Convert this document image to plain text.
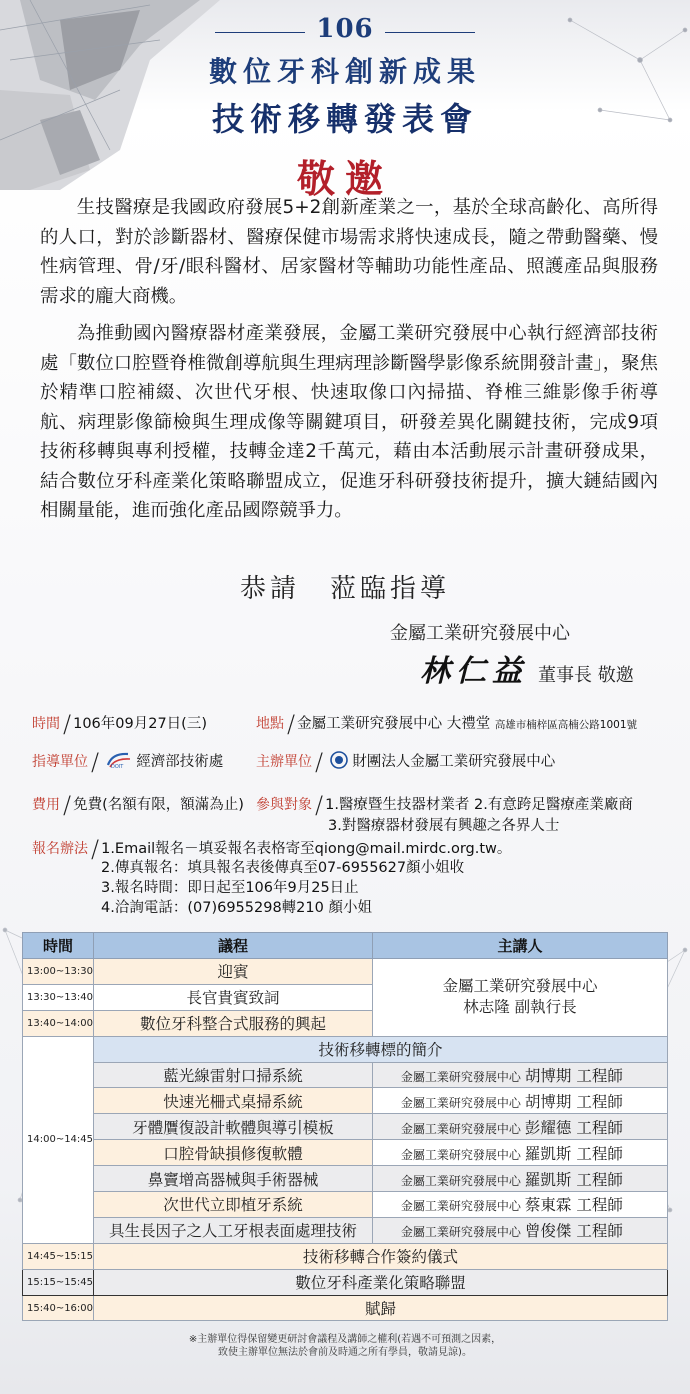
106
數位牙科創新成果
技術移轉發表會
敬邀

生技醫療是我國政府發展5+2創新產業之一，基於全球高齡化、高所得的人口，對於診斷器材、醫療保健市場需求將快速成長，隨之帶動醫藥、慢性病管理、骨/牙/眼科醫材、居家醫材等輔助功能性產品、照護產品與服務需求的龐大商機。

為推動國內醫療器材產業發展，金屬工業研究發展中心執行經濟部技術處「數位口腔暨脊椎微創導航與生理病理診斷醫學影像系統開發計畫」，聚焦於精準口腔補綴、次世代牙根、快速取像口內掃描、脊椎三維影像手術導航、病理影像篩檢與生理成像等關鍵項目，研發差異化關鍵技術，完成9項技術移轉與專利授權，技轉金達2千萬元，藉由本活動展示計畫研發成果，結合數位牙科產業化策略聯盟成立，促進牙科研發技術提升，擴大鏈結國內相關量能，進而強化產品國際競爭力。

恭請　蒞臨指導
金屬工業研究發展中心
林仁益 董事長 敬邀
時間 / 106年09月27日(三)	地點 / 金屬工業研究發展中心 大禮堂 高雄市楠梓區高楠公路1001號
指導單位 / DOIT 經濟部技術處 主辦單位 / 財團法人金屬工業研究發展中心
費用 / 免費(名額有限，額滿為止) 參與對象 / 1.醫療暨生技器材業者 2.有意跨足醫療產業廠商
3.對醫療器材發展有興趣之各界人士
報名辦法 / 1.Email報名－填妥報名表格寄至qiong@mail.mirdc.org.tw。
2.傳真報名：填具報名表後傳真至07-6955627顏小姐收
3.報名時間：即日起至106年9月25日止
4.洽詢電話：(07)6955298轉210 顏小姐
時間	議程	主講人
13:00~13:30	迎賓	金屬工業研究發展中心
林志隆 副執行長

13:30~13:40	長官貴賓致詞	
13:40~14:00	數位牙科整合式服務的興起	
14:00~14:45	技術移轉標的簡介	
	藍光線雷射口掃系統	金屬工業研究發展中心 胡博期 工程師
	快速光柵式桌掃系統	金屬工業研究發展中心 胡博期 工程師
	牙體贋復設計軟體與導引模板	金屬工業研究發展中心 彭耀德 工程師
	口腔骨缺損修復軟體	金屬工業研究發展中心 羅凱斯 工程師
	鼻竇增高器械與手術器械	金屬工業研究發展中心 羅凱斯 工程師
	次世代立即植牙系統	金屬工業研究發展中心 蔡東霖 工程師
	具生長因子之人工牙根表面處理技術	金屬工業研究發展中心 曾俊傑 工程師
14:45~15:15	技術移轉合作簽約儀式	
15:15~15:45	數位牙科產業化策略聯盟	
15:40~16:00	賦歸	
※主辦單位得保留變更研討會議程及講師之權利(若遇不可預測之因素，
致使主辦單位無法於會前及時通之所有學員，敬請見諒)。
